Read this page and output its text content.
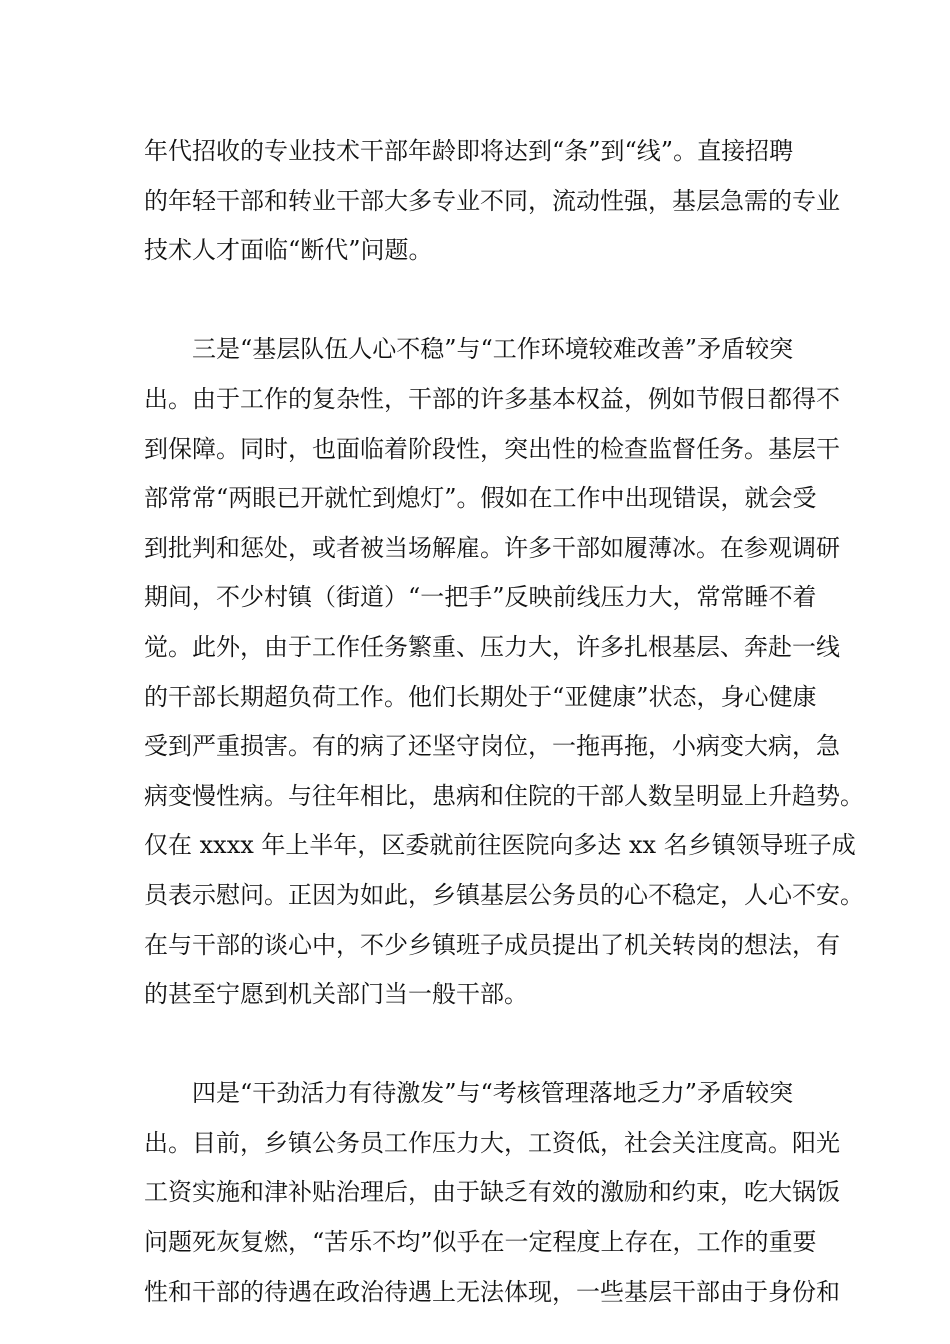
年代招收的专业技术干部年龄即将达到“条”到“线”。直接招聘
的年轻干部和转业干部大多专业不同，流动性强，基层急需的专业
技术人才面临“断代”问题。
　　三是“基层队伍人心不稳”与“工作环境较难改善”矛盾较突
出。由于工作的复杂性，干部的许多基本权益，例如节假日都得不
到保障。同时，也面临着阶段性，突出性的检查监督任务。基层干
部常常“两眼已开就忙到熄灯”。假如在工作中出现错误，就会受
到批判和惩处，或者被当场解雇。许多干部如履薄冰。在参观调研
期间，不少村镇（街道）“一把手”反映前线压力大，常常睡不着
觉。此外，由于工作任务繁重、压力大，许多扎根基层、奔赴一线
的干部长期超负荷工作。他们长期处于“亚健康”状态，身心健康
受到严重损害。有的病了还坚守岗位，一拖再拖，小病变大病，急
病变慢性病。与往年相比，患病和住院的干部人数呈明显上升趋势。
仅在 xxxx 年上半年，区委就前往医院向多达 xx 名乡镇领导班子成
员表示慰问。正因为如此，乡镇基层公务员的心不稳定，人心不安。
在与干部的谈心中，不少乡镇班子成员提出了机关转岗的想法，有
的甚至宁愿到机关部门当一般干部。
　　四是“干劲活力有待激发”与“考核管理落地乏力”矛盾较突
出。目前，乡镇公务员工作压力大，工资低，社会关注度高。阳光
工资实施和津补贴治理后，由于缺乏有效的激励和约束，吃大锅饭
问题死灰复燃，“苦乐不均”似乎在一定程度上存在，工作的重要
性和干部的待遇在政治待遇上无法体现，一些基层干部由于身份和
